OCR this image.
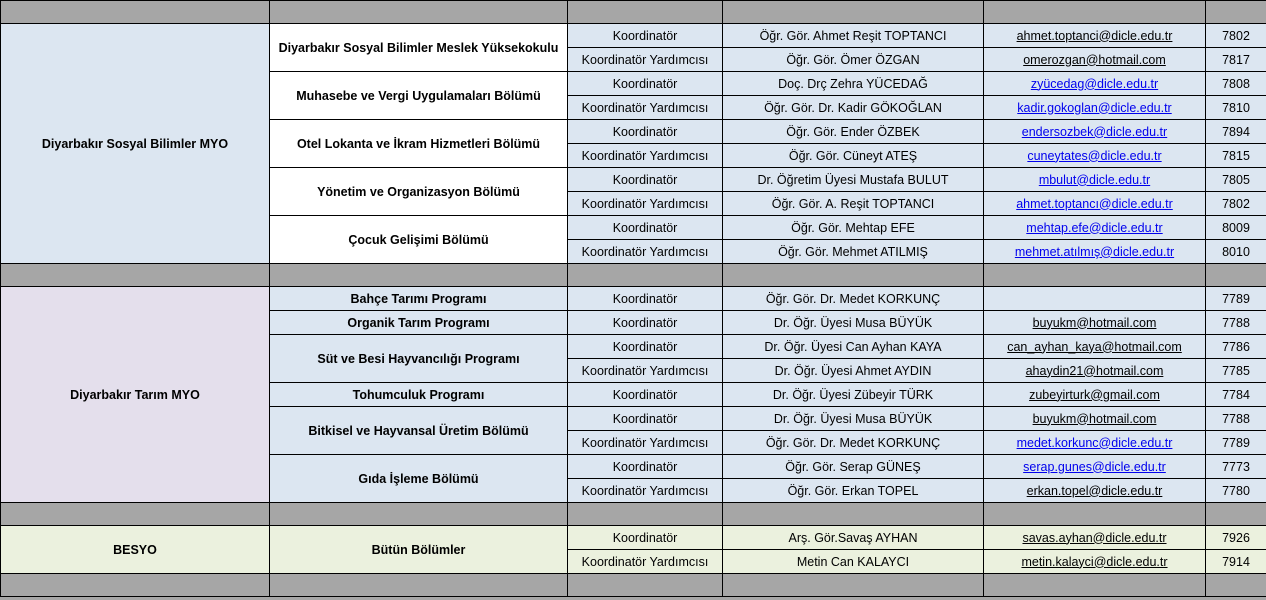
Diyarbakır Sosyal Bilimler MYO	Diyarbakır Sosyal Bilimler Meslek Yüksekokulu	Koordinatör	Öğr. Gör. Ahmet Reşit TOPTANCI	ahmet.toptanci@dicle.edu.tr	7802
		Koordinatör Yardımcısı	Öğr. Gör. Ömer ÖZGAN	omerozgan@hotmail.com	7817
	Muhasebe ve Vergi Uygulamaları Bölümü	Koordinatör	Doç. Drç Zehra YÜCEDAĞ	zyücedag@dicle.edu.tr	7808
		Koordinatör Yardımcısı	Öğr. Gör. Dr. Kadir GÖKOĞLAN	kadir.gokoglan@dicle.edu.tr	7810
	Otel Lokanta ve İkram Hizmetleri Bölümü	Koordinatör	Öğr. Gör. Ender ÖZBEK	endersozbek@dicle.edu.tr	7894
		Koordinatör Yardımcısı	Öğr. Gör. Cüneyt ATEŞ	cuneytates@dicle.edu.tr	7815
	Yönetim ve Organizasyon Bölümü	Koordinatör	Dr. Öğretim Üyesi Mustafa BULUT	mbulut@dicle.edu.tr	7805
		Koordinatör Yardımcısı	Öğr. Gör. A. Reşit TOPTANCI	ahmet.toptancı@dicle.edu.tr	7802
	Çocuk Gelişimi Bölümü	Koordinatör	Öğr. Gör. Mehtap EFE	mehtap.efe@dicle.edu.tr	8009
		Koordinatör Yardımcısı	Öğr. Gör. Mehmet ATILMIŞ	mehmet.atılmış@dicle.edu.tr	8010

Diyarbakır Tarım MYO	Bahçe Tarımı Programı	Koordinatör	Öğr. Gör. Dr. Medet KORKUNÇ		7789
	Organik Tarım Programı	Koordinatör	Dr. Öğr. Üyesi Musa BÜYÜK	buyukm@hotmail.com	7788
	Süt ve Besi Hayvancılığı Programı	Koordinatör	Dr. Öğr. Üyesi Can Ayhan KAYA	can_ayhan_kaya@hotmail.com	7786
		Koordinatör Yardımcısı	Dr. Öğr. Üyesi Ahmet AYDIN	ahaydin21@hotmail.com	7785
	Tohumculuk Programı	Koordinatör	Dr. Öğr. Üyesi Zübeyir TÜRK	zubeyirturk@gmail.com	7784
	Bitkisel ve Hayvansal Üretim Bölümü	Koordinatör	Dr. Öğr. Üyesi Musa BÜYÜK	buyukm@hotmail.com	7788
		Koordinatör Yardımcısı	Öğr. Gör. Dr. Medet KORKUNÇ	medet.korkunc@dicle.edu.tr	7789
	Gıda İşleme Bölümü	Koordinatör	Öğr. Gör. Serap GÜNEŞ	serap.gunes@dicle.edu.tr	7773
		Koordinatör Yardımcısı	Öğr. Gör. Erkan TOPEL	erkan.topel@dicle.edu.tr	7780

BESYO	Bütün Bölümler	Koordinatör	Arş. Gör.Savaş AYHAN	savas.ayhan@dicle.edu.tr	7926
		Koordinatör Yardımcısı	Metin Can KALAYCI	metin.kalayci@dicle.edu.tr	7914
